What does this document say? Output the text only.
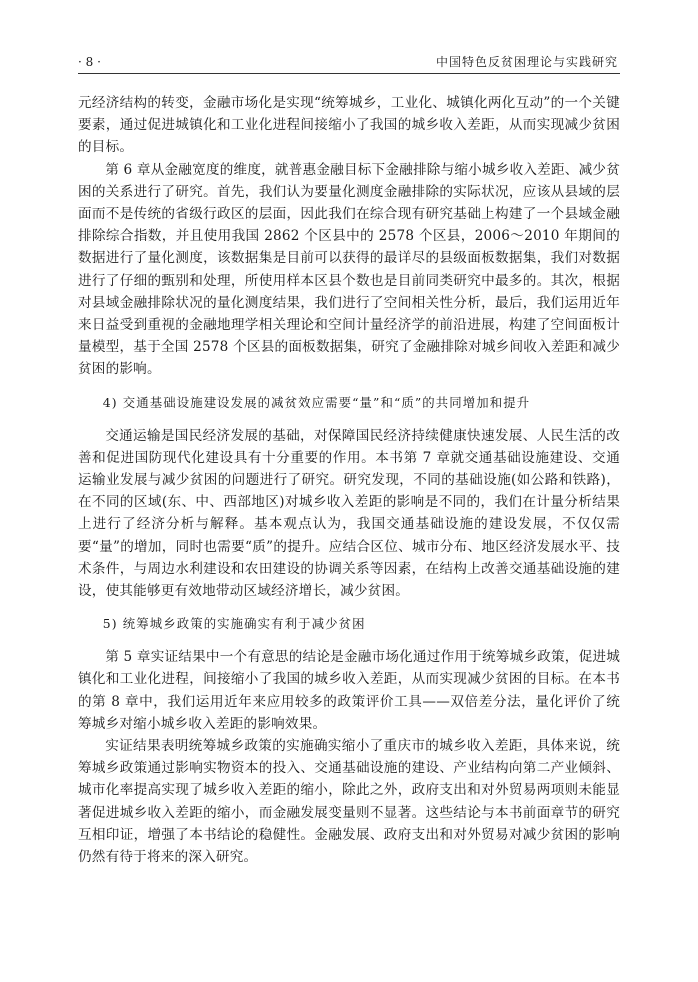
· 8 ·	中国特色反贫困理论与实践研究

元经济结构的转变，金融市场化是实现“统筹城乡，工业化、城镇化两化互动”的一个关键要素，通过促进城镇化和工业化进程间接缩小了我国的城乡收入差距，从而实现减少贫困的目标。

第 6 章从金融宽度的维度，就普惠金融目标下金融排除与缩小城乡收入差距、减少贫困的关系进行了研究。首先，我们认为要量化测度金融排除的实际状况，应该从县域的层面而不是传统的省级行政区的层面，因此我们在综合现有研究基础上构建了一个县域金融排除综合指数，并且使用我国 2862 个区县中的 2578 个区县，2006～2010 年期间的数据进行了量化测度，该数据集是目前可以获得的最详尽的县级面板数据集，我们对数据进行了仔细的甄别和处理，所使用样本区县个数也是目前同类研究中最多的。其次，根据对县域金融排除状况的量化测度结果，我们进行了空间相关性分析，最后，我们运用近年来日益受到重视的金融地理学相关理论和空间计量经济学的前沿进展，构建了空间面板计量模型，基于全国 2578 个区县的面板数据集，研究了金融排除对城乡间收入差距和减少贫困的影响。

4) 交通基础设施建设发展的减贫效应需要“量”和“质”的共同增加和提升

交通运输是国民经济发展的基础，对保障国民经济持续健康快速发展、人民生活的改善和促进国防现代化建设具有十分重要的作用。本书第 7 章就交通基础设施建设、交通运输业发展与减少贫困的问题进行了研究。研究发现，不同的基础设施(如公路和铁路)，在不同的区域(东、中、西部地区)对城乡收入差距的影响是不同的，我们在计量分析结果上进行了经济分析与解释。基本观点认为，我国交通基础设施的建设发展，不仅仅需要“量”的增加，同时也需要“质”的提升。应结合区位、城市分布、地区经济发展水平、技术条件，与周边水利建设和农田建设的协调关系等因素，在结构上改善交通基础设施的建设，使其能够更有效地带动区域经济增长，减少贫困。

5) 统筹城乡政策的实施确实有利于减少贫困

第 5 章实证结果中一个有意思的结论是金融市场化通过作用于统筹城乡政策，促进城镇化和工业化进程，间接缩小了我国的城乡收入差距，从而实现减少贫困的目标。在本书的第 8 章中，我们运用近年来应用较多的政策评价工具——双倍差分法，量化评价了统筹城乡对缩小城乡收入差距的影响效果。

实证结果表明统筹城乡政策的实施确实缩小了重庆市的城乡收入差距，具体来说，统筹城乡政策通过影响实物资本的投入、交通基础设施的建设、产业结构向第二产业倾斜、城市化率提高实现了城乡收入差距的缩小，除此之外，政府支出和对外贸易两项则未能显著促进城乡收入差距的缩小，而金融发展变量则不显著。这些结论与本书前面章节的研究互相印证，增强了本书结论的稳健性。金融发展、政府支出和对外贸易对减少贫困的影响仍然有待于将来的深入研究。
